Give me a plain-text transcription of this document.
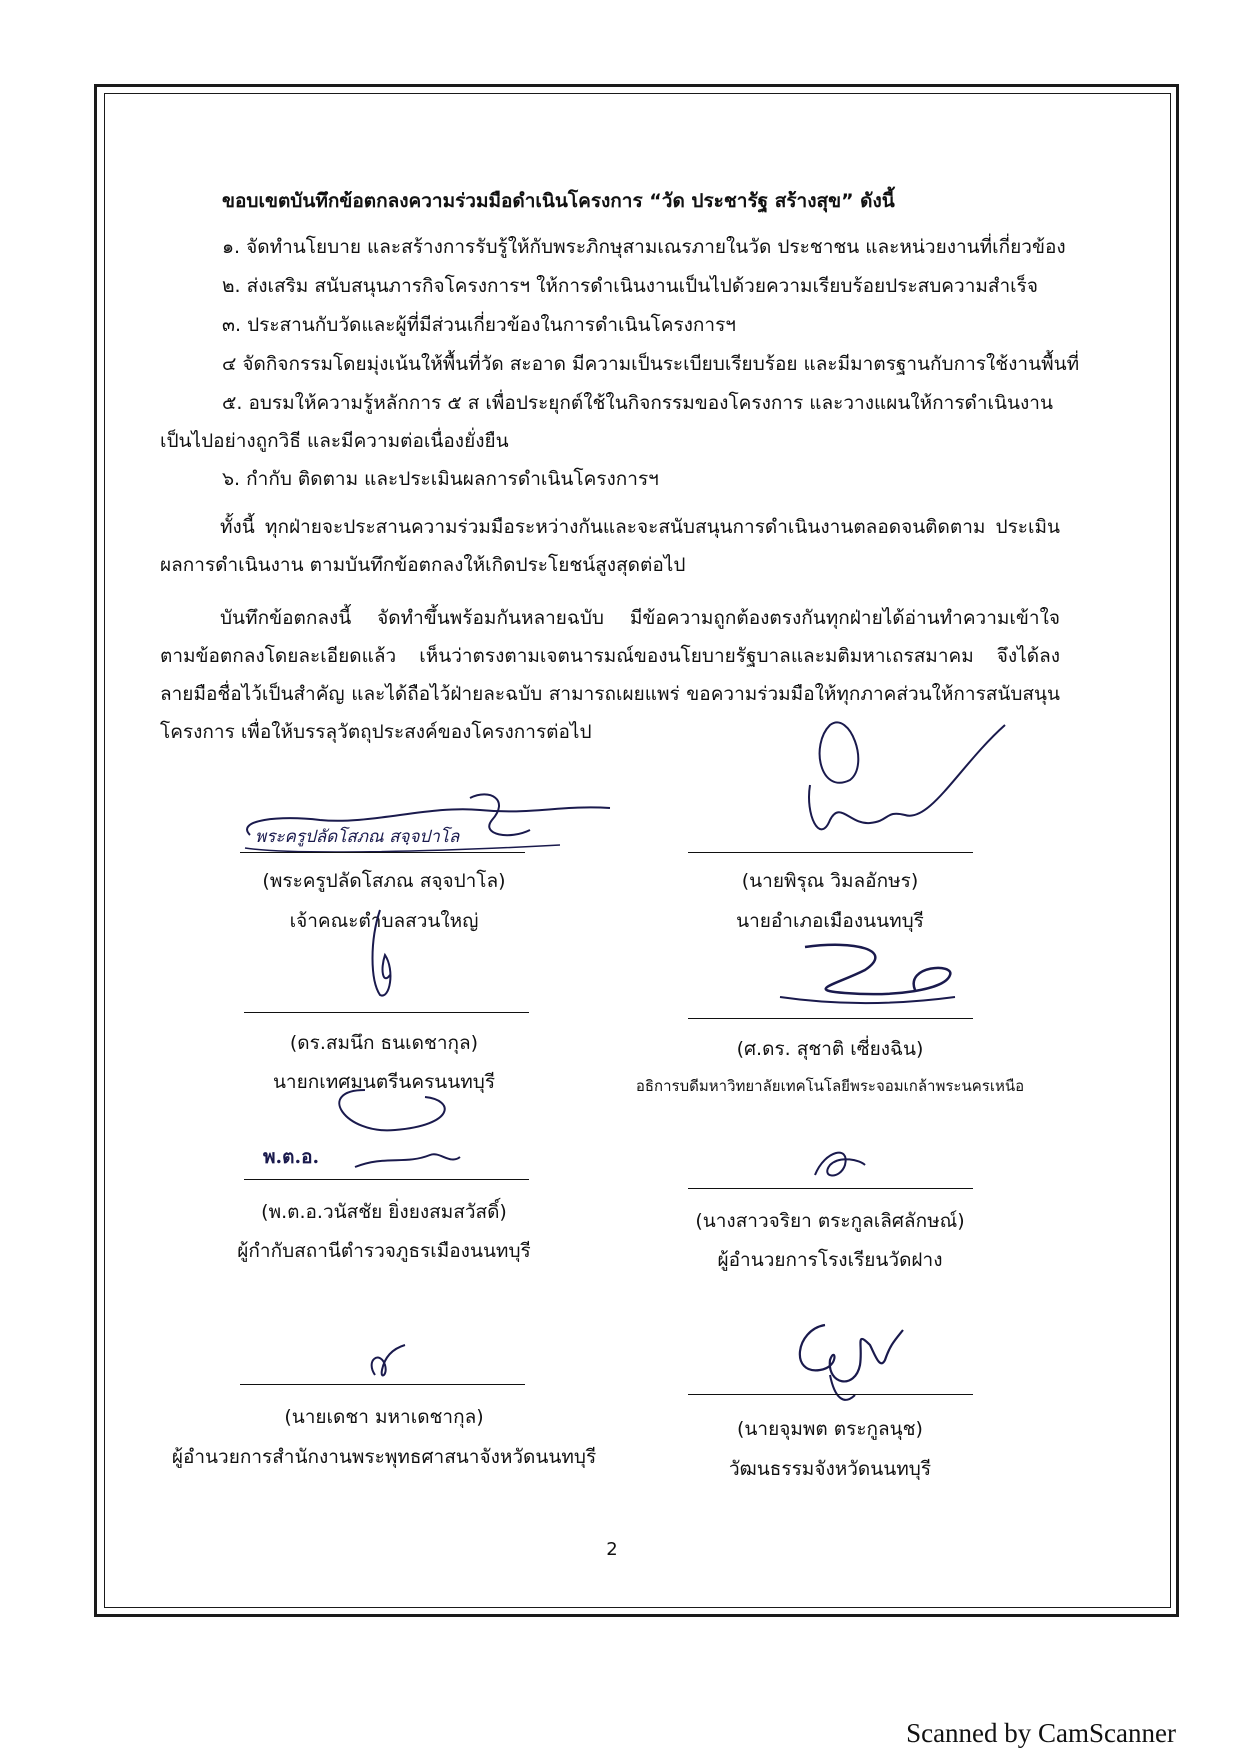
ขอบเขตบันทึกข้อตกลงความร่วมมือดำเนินโครงการ “วัด ประชารัฐ สร้างสุข” ดังนี้
๑. จัดทำนโยบาย และสร้างการรับรู้ให้กับพระภิกษุสามเณรภายในวัด ประชาชน และหน่วยงานที่เกี่ยวข้อง
๒. ส่งเสริม สนับสนุนภารกิจโครงการฯ ให้การดำเนินงานเป็นไปด้วยความเรียบร้อยประสบความสำเร็จ
๓. ประสานกับวัดและผู้ที่มีส่วนเกี่ยวข้องในการดำเนินโครงการฯ
๔ จัดกิจกรรมโดยมุ่งเน้นให้พื้นที่วัด สะอาด มีความเป็นระเบียบเรียบร้อย และมีมาตรฐานกับการใช้งานพื้นที่
๕. อบรมให้ความรู้หลักการ ๕ ส เพื่อประยุกต์ใช้ในกิจกรรมของโครงการ และวางแผนให้การดำเนินงาน
เป็นไปอย่างถูกวิธี และมีความต่อเนื่องยั่งยืน
๖. กำกับ ติดตาม และประเมินผลการดำเนินโครงการฯ
ทั้งนี้ ทุกฝ่ายจะประสานความร่วมมือระหว่างกันและจะสนับสนุนการดำเนินงานตลอดจนติดตาม ประเมินผลการดำเนินงาน ตามบันทึกข้อตกลงให้เกิดประโยชน์สูงสุดต่อไป
บันทึกข้อตกลงนี้ จัดทำขึ้นพร้อมกันหลายฉบับ มีข้อความถูกต้องตรงกันทุกฝ่ายได้อ่านทำความเข้าใจ ตามข้อตกลงโดยละเอียดแล้ว เห็นว่าตรงตามเจตนารมณ์ของนโยบายรัฐบาลและมติมหาเถรสมาคม จึงได้ลงลายมือชื่อไว้เป็นสำคัญ และได้ถือไว้ฝ่ายละฉบับ สามารถเผยแพร่ ขอความร่วมมือให้ทุกภาคส่วนให้การสนับสนุนโครงการ เพื่อให้บรรลุวัตถุประสงค์ของโครงการต่อไป
พระครูปลัดโสภณ สจฺจปาโล
(พระครูปลัดโสภณ สจฺจปาโล)
เจ้าคณะตำบลสวนใหญ่
(นายพิรุณ วิมลอักษร)
นายอำเภอเมืองนนทบุรี
(ดร.สมนึก ธนเดชากุล)
นายกเทศมนตรีนครนนทบุรี
(ศ.ดร. สุชาติ เซี่ยงฉิน)
อธิการบดีมหาวิทยาลัยเทคโนโลยีพระจอมเกล้าพระนครเหนือ
พ.ต.อ.
(พ.ต.อ.วนัสชัย ยิ่งยงสมสวัสดิ์)
ผู้กำกับสถานีตำรวจภูธรเมืองนนทบุรี
(นางสาวจริยา ตระกูลเลิศลักษณ์)
ผู้อำนวยการโรงเรียนวัดฝาง
(นายเดชา มหาเดชากุล)
ผู้อำนวยการสำนักงานพระพุทธศาสนาจังหวัดนนทบุรี
(นายจุมพต ตระกูลนุช)
วัฒนธรรมจังหวัดนนทบุรี
2
Scanned by CamScanner
